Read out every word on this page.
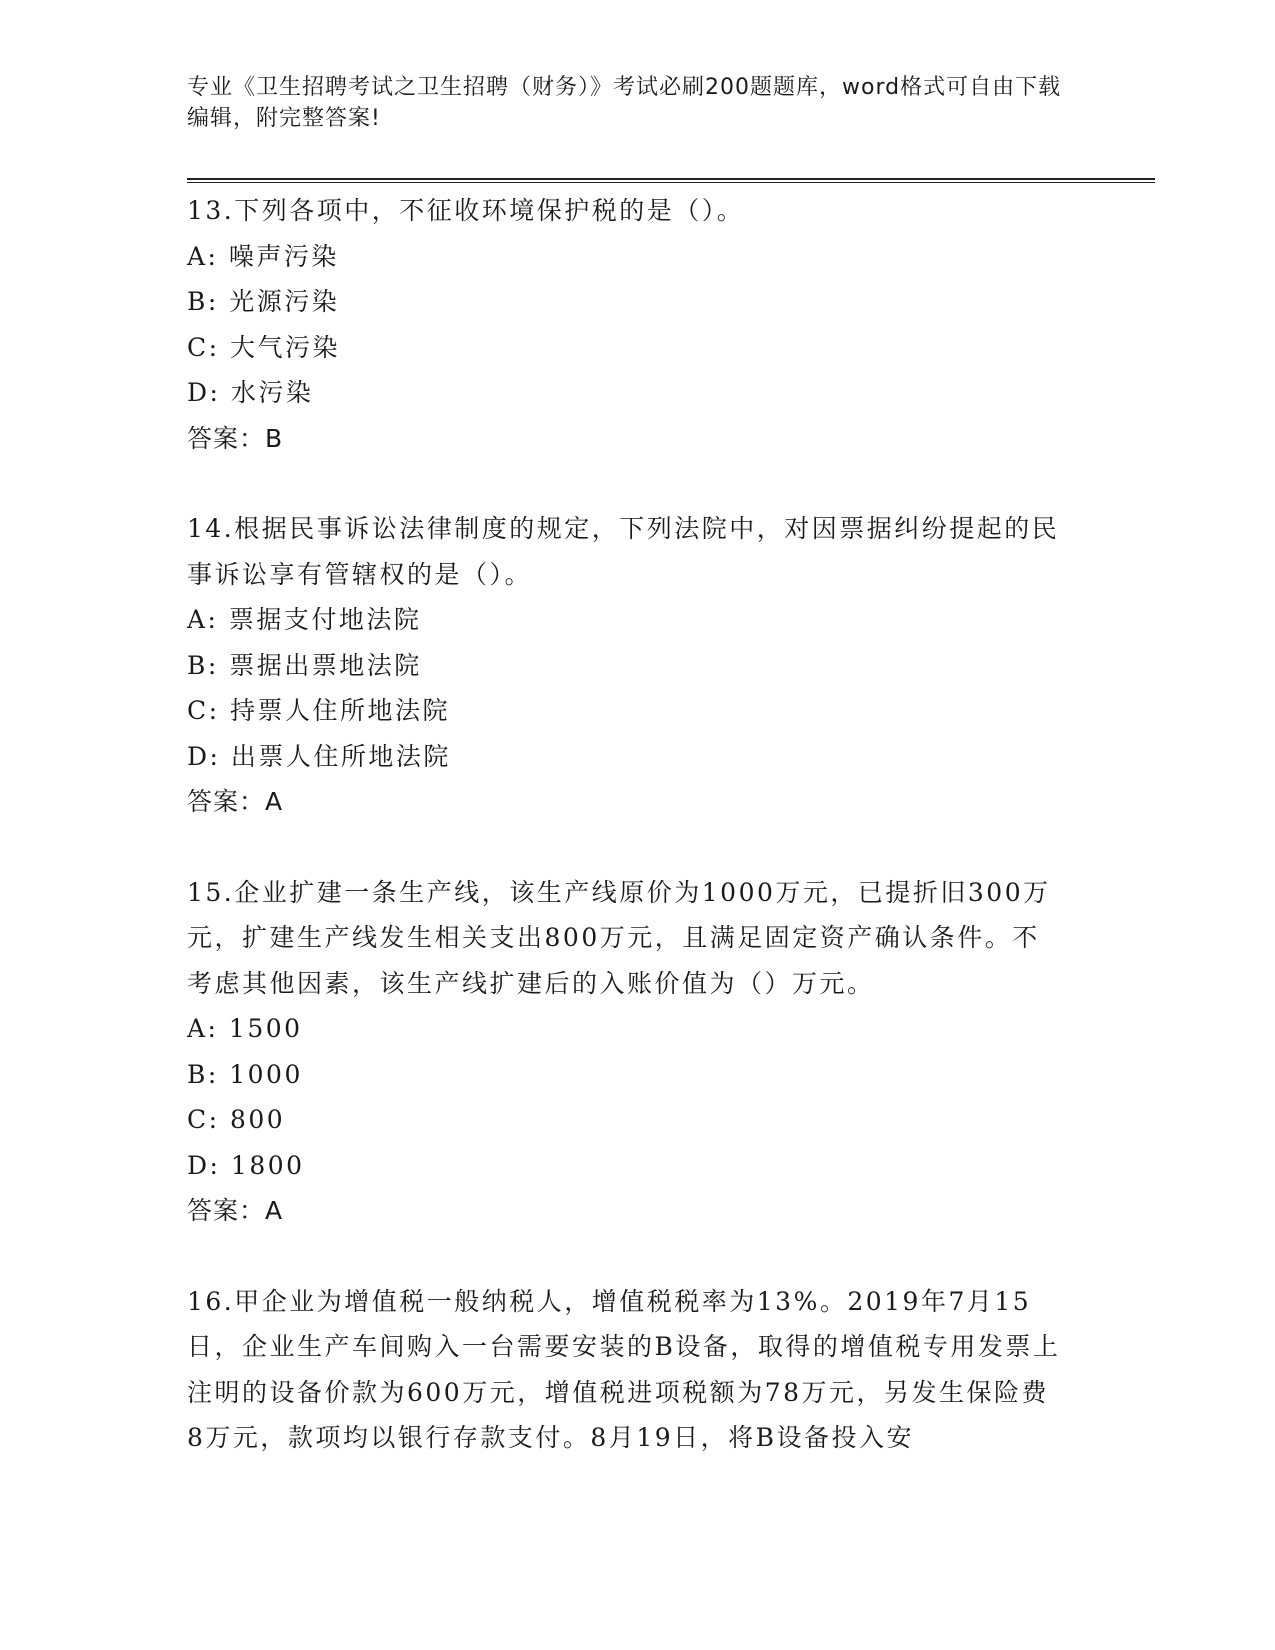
专业《卫生招聘考试之卫生招聘（财务）》考试必刷200题题库，word格式可自由下载编辑，附完整答案!
13.下列各项中，不征收环境保护税的是（）。
A: 噪声污染
B: 光源污染
C: 大气污染
D: 水污染
答案：B
14.根据民事诉讼法律制度的规定，下列法院中，对因票据纠纷提起的民事诉讼享有管辖权的是（）。
A: 票据支付地法院
B: 票据出票地法院
C: 持票人住所地法院
D: 出票人住所地法院
答案：A
15.企业扩建一条生产线，该生产线原价为1000万元，已提折旧300万元，扩建生产线发生相关支出800万元，且满足固定资产确认条件。不考虑其他因素，该生产线扩建后的入账价值为（）万元。
A: 1500
B: 1000
C: 800
D: 1800
答案：A
16.甲企业为增值税一般纳税人，增值税税率为13%。2019年7月15日，企业生产车间购入一台需要安装的B设备，取得的增值税专用发票上注明的设备价款为600万元，增值税进项税额为78万元，另发生保险费8万元，款项均以银行存款支付。8月19日，将B设备投入安
